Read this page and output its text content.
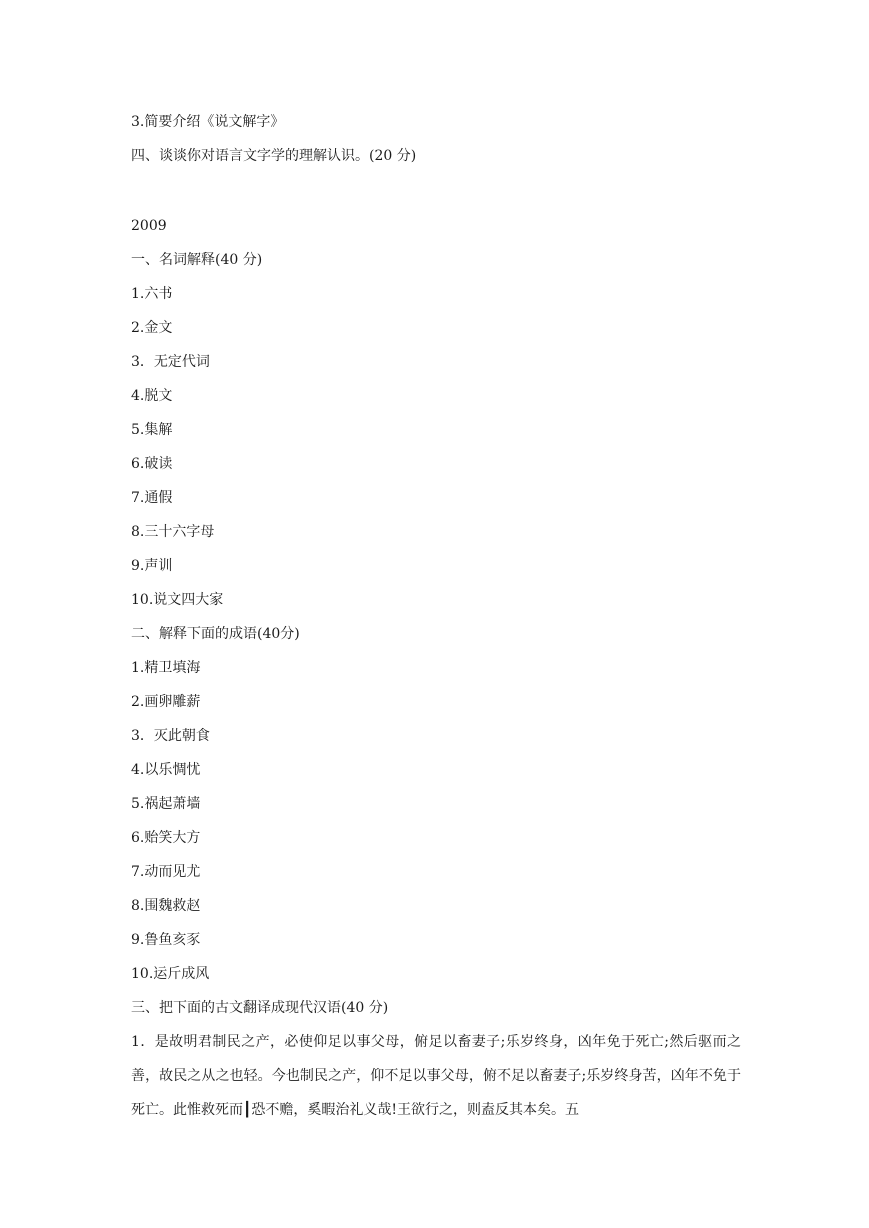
3.简要介绍《说文解字》
四、谈谈你对语言文字学的理解认识。(20 分)
2009
一、名词解释(40 分)
1.六书
2.金文
3．无定代词
4.脱文
5.集解
6.破读
7.通假
8.三十六字母
9.声训
10.说文四大家
二、解释下面的成语(40分)
1.精卫填海
2.画卵雕薪
3．灭此朝食
4.以乐惆忧
5.祸起萧墙
6.贻笑大方
7.动而见尤
8.围魏救赵
9.鲁鱼亥豕
10.运斤成风
三、把下面的古文翻译成现代汉语(40 分)
1．是故明君制民之产，必使仰足以事父母，俯足以畜妻子;乐岁终身，凶年免于死亡;然后驱而之善，故民之从之也轻。今也制民之产，仰不足以事父母，俯不足以畜妻子;乐岁终身苦，凶年不免于死亡。此惟救死而┃恐不赡，奚暇治礼义哉!王欲行之，则盍反其本矣。五
